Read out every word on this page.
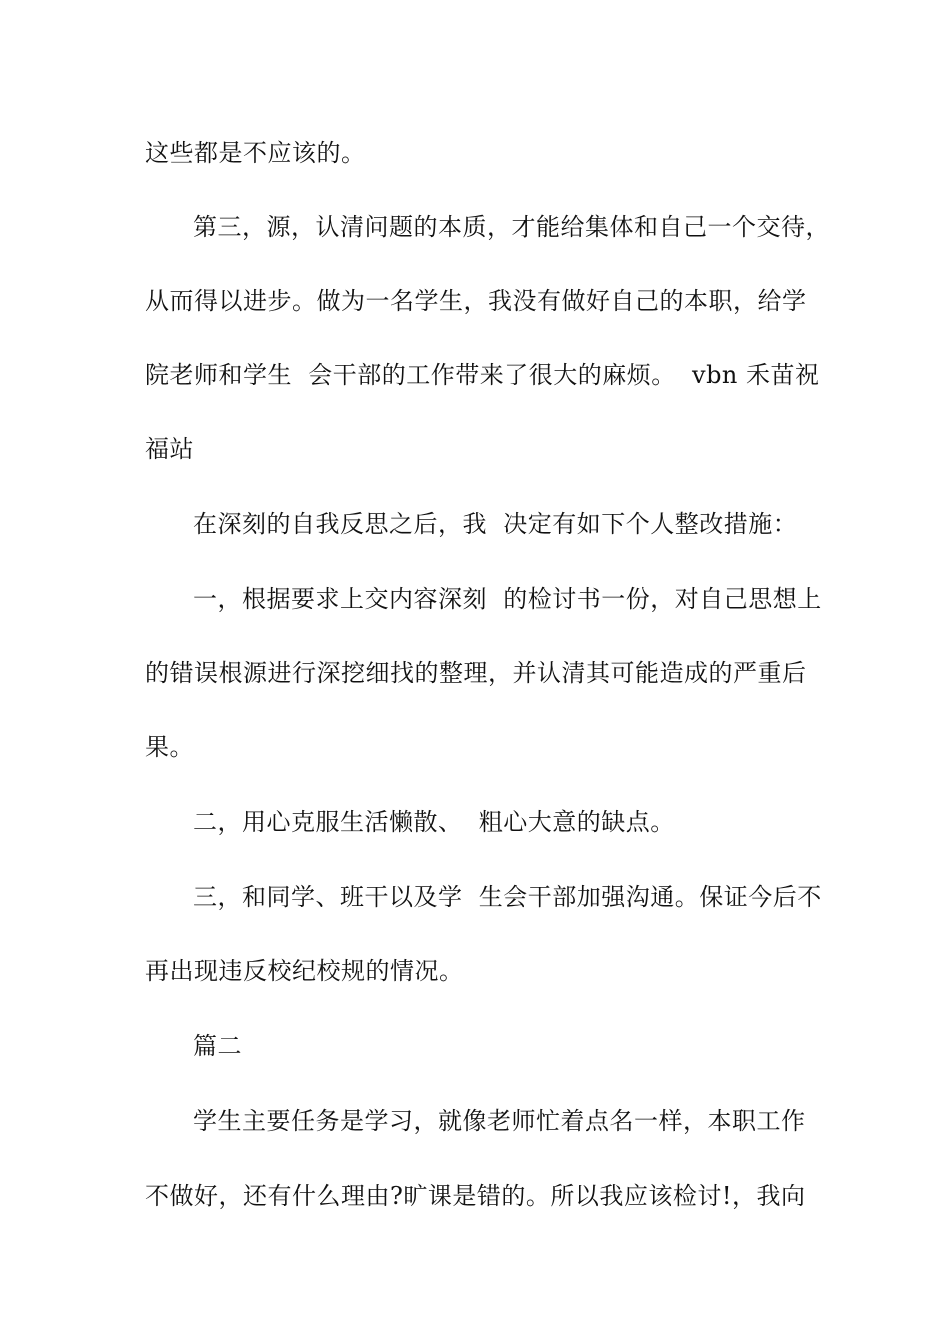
这些都是不应该的。
第三，源，认清问题的本质，才能给集体和自己一个交待，
从而得以进步。做为一名学生，我没有做好自己的本职，给学
院老师和学生  会干部的工作带来了很大的麻烦。  vbn 禾苗祝
福站
在深刻的自我反思之后，我  决定有如下个人整改措施：
一，根据要求上交内容深刻  的检讨书一份，对自己思想上
的错误根源进行深挖细找的整理，并认清其可能造成的严重后
果。
二，用心克服生活懒散、  粗心大意的缺点。
三，和同学、班干以及学  生会干部加强沟通。保证今后不
再出现违反校纪校规的情况。
篇二
学生主要任务是学习，就像老师忙着点名一样，本职工作
不做好，还有什么理由?旷课是错的。所以我应该检讨!，我向
